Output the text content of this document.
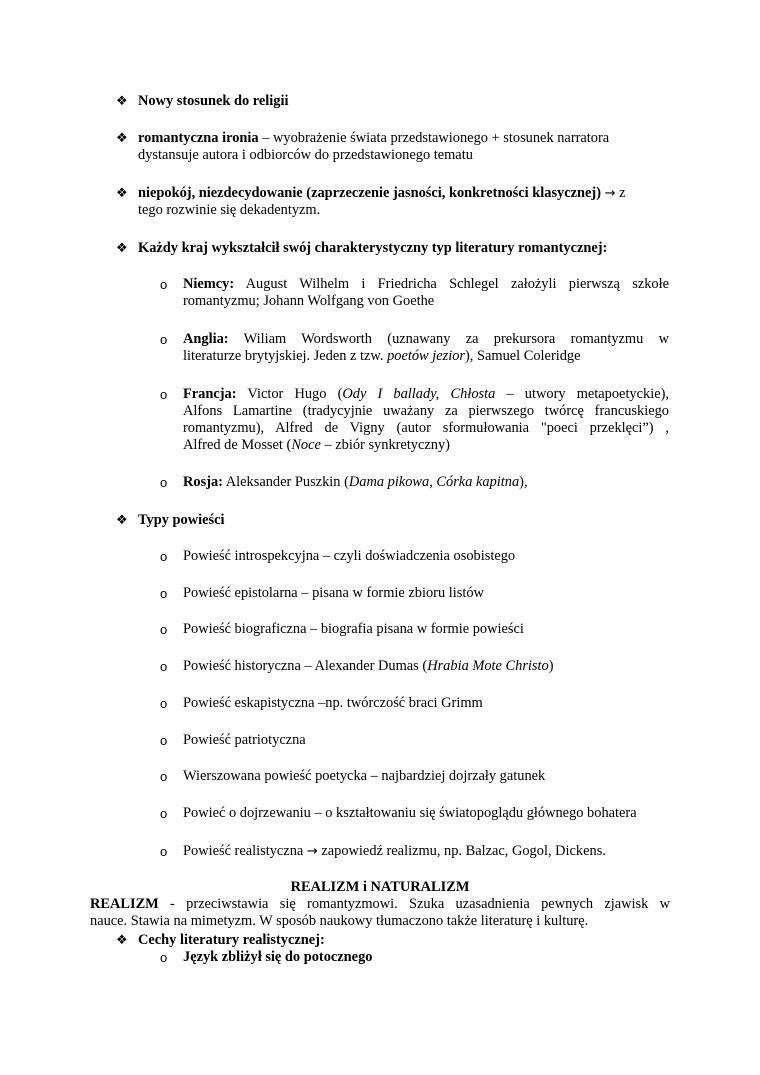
❖ Nowy stosunek do religii
❖ romantyczna ironia – wyobrażenie świata przedstawionego + stosunek narratora
dystansuje autora i odbiorców do przedstawionego tematu
❖ niepokój, niezdecydowanie (zaprzeczenie jasności, konkretności klasycznej) → z
tego rozwinie się dekadentyzm.
❖ Każdy kraj wykształcił swój charakterystyczny typ literatury romantycznej:
o Niemcy: August Wilhelm i Friedricha Schlegel założyli pierwszą szkołe
romantyzmu; Johann Wolfgang von Goethe
o Anglia: Wiliam Wordsworth (uznawany za prekursora romantyzmu w
literaturze brytyjskiej. Jeden z tzw. poetów jezior), Samuel Coleridge
o Francja: Victor Hugo (Ody I ballady, Chłosta – utwory metapoetyckie),
Alfons Lamartine (tradycyjnie uważany za pierwszego twórcę francuskiego
romantyzmu), Alfred de Vigny (autor sformułowania "poeci przeklęci”) ,
Alfred de Mosset (Noce – zbiór synkretyczny)
o Rosja: Aleksander Puszkin (Dama pikowa, Córka kapitna),
❖ Typy powieści
o Powieść introspekcyjna – czyli doświadczenia osobistego
o Powieść epistolarna – pisana w formie zbioru listów
o Powieść biograficzna – biografia pisana w formie powieści
o Powieść historyczna – Alexander Dumas (Hrabia Mote Christo)
o Powieść eskapistyczna –np. twórczość braci Grimm
o Powieść patriotyczna
o Wierszowana powieść poetycka – najbardziej dojrzały gatunek
o Powieć o dojrzewaniu – o kształtowaniu się światopoglądu głównego bohatera
o Powieść realistyczna → zapowiedź realizmu, np. Balzac, Gogol, Dickens.
REALIZM i NATURALIZM
REALIZM - przeciwstawia się romantyzmowi. Szuka uzasadnienia pewnych zjawisk w
nauce. Stawia na mimetyzm. W sposób naukowy tłumaczono także literaturę i kulturę.
❖ Cechy literatury realistycznej:
o Język zbliżył się do potocznego
